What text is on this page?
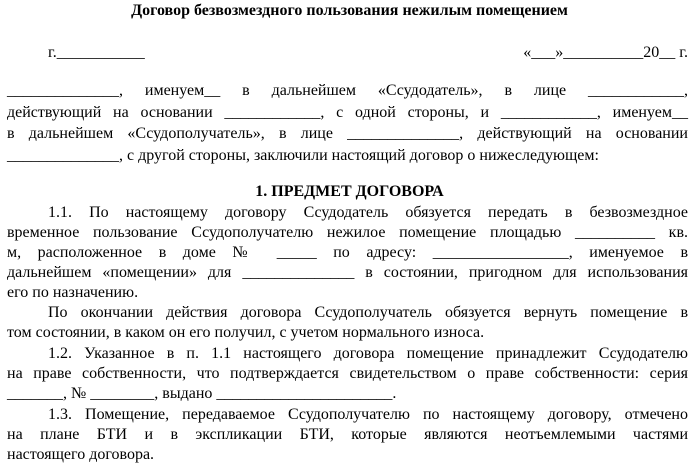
Договор безвозмездного пользования нежилым помещением
г.___________	«___»__________20__ г.
______________, именуем__ в дальнейшем «Ссудодатель», в лице ____________,
действующий на основании ____________, с одной стороны, и ____________, именуем__
в дальнейшем «Ссудополучатель», в лице ______________, действующий на основании
______________, с другой стороны, заключили настоящий договор о нижеследующем:
1. ПРЕДМЕТ ДОГОВОРА
1.1. По настоящему договору Ссудодатель обязуется передать в безвозмездное
временное пользование Ссудополучателю нежилое помещение площадью __________ кв.
м, расположенное в доме № _____ по адресу: _________________, именуемое в
дальнейшем «помещении» для ______________ в состоянии, пригодном для использования
его по назначению.
По окончании действия договора Ссудополучатель обязуется вернуть помещение в
том состоянии, в каком он его получил, с учетом нормального износа.
1.2. Указанное в п. 1.1 настоящего договора помещение принадлежит Ссудодателю
на праве собственности, что подтверждается свидетельством о праве собственности: серия
_______, № ________, выдано ______________________.
1.3. Помещение, передаваемое Ссудополучателю по настоящему договору, отмечено
на плане БТИ и в экспликации БТИ, которые являются неотъемлемыми частями
настоящего договора.
